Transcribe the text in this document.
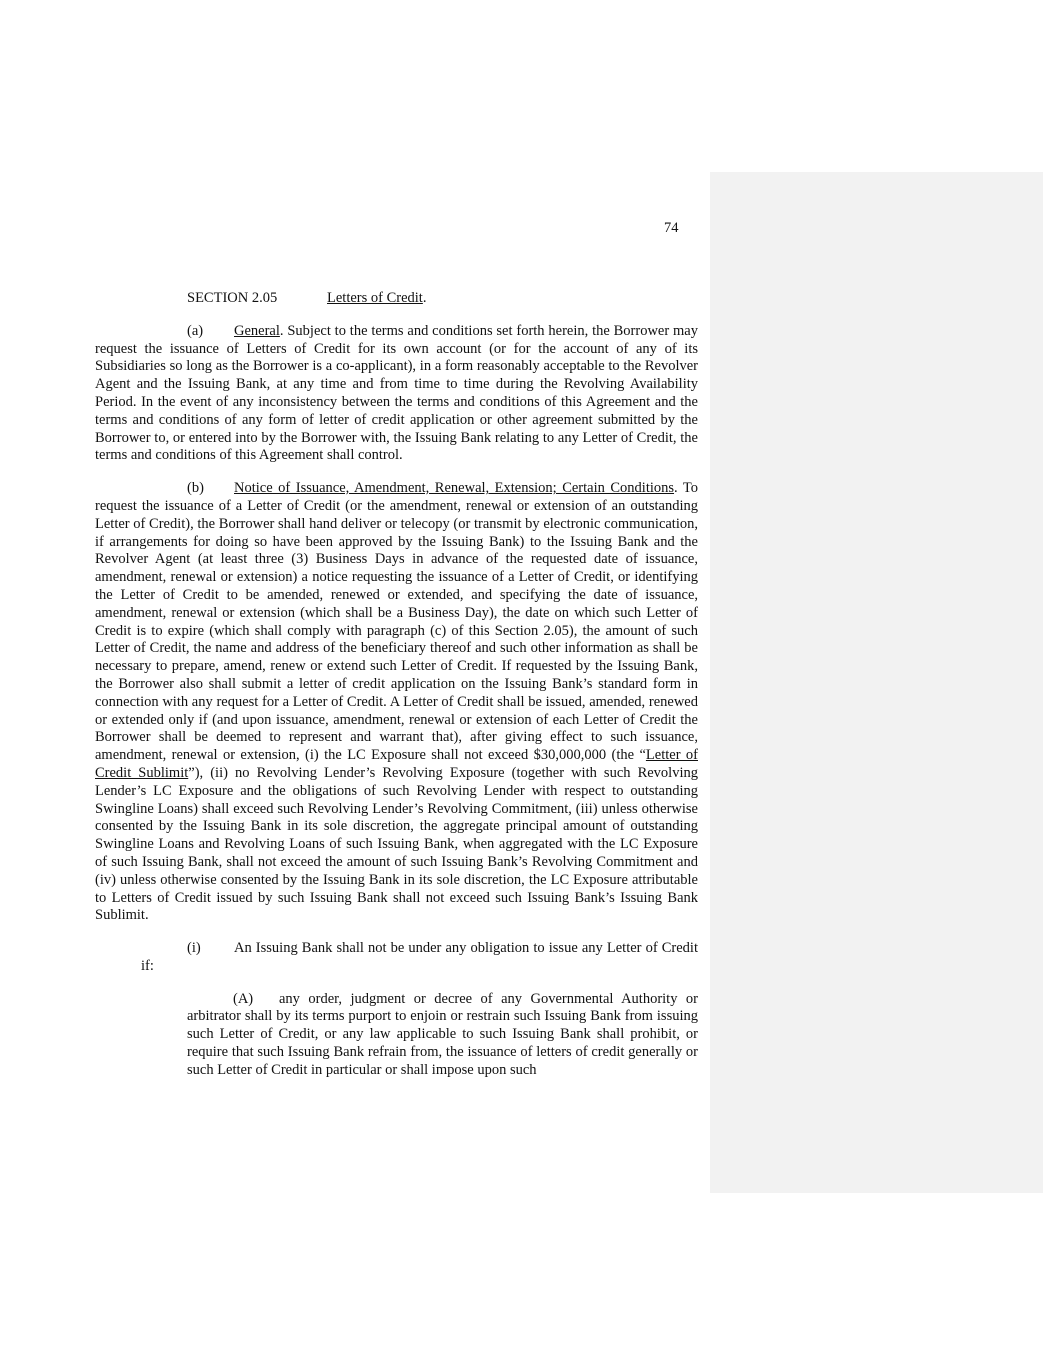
74

SECTION 2.05	Letters of Credit.

(a) General. Subject to the terms and conditions set forth herein, the Borrower may request the issuance of Letters of Credit for its own account (or for the account of any of its Subsidiaries so long as the Borrower is a co-applicant), in a form reasonably acceptable to the Revolver Agent and the Issuing Bank, at any time and from time to time during the Revolving Availability Period. In the event of any inconsistency between the terms and conditions of this Agreement and the terms and conditions of any form of letter of credit application or other agreement submitted by the Borrower to, or entered into by the Borrower with, the Issuing Bank relating to any Letter of Credit, the terms and conditions of this Agreement shall control.

(b) Notice of Issuance, Amendment, Renewal, Extension; Certain Conditions. To request the issuance of a Letter of Credit (or the amendment, renewal or extension of an outstanding Letter of Credit), the Borrower shall hand deliver or telecopy (or transmit by electronic communication, if arrangements for doing so have been approved by the Issuing Bank) to the Issuing Bank and the Revolver Agent (at least three (3) Business Days in advance of the requested date of issuance, amendment, renewal or extension) a notice requesting the issuance of a Letter of Credit, or identifying the Letter of Credit to be amended, renewed or extended, and specifying the date of issuance, amendment, renewal or extension (which shall be a Business Day), the date on which such Letter of Credit is to expire (which shall comply with paragraph (c) of this Section 2.05), the amount of such Letter of Credit, the name and address of the beneficiary thereof and such other information as shall be necessary to prepare, amend, renew or extend such Letter of Credit. If requested by the Issuing Bank, the Borrower also shall submit a letter of credit application on the Issuing Bank’s standard form in connection with any request for a Letter of Credit. A Letter of Credit shall be issued, amended, renewed or extended only if (and upon issuance, amendment, renewal or extension of each Letter of Credit the Borrower shall be deemed to represent and warrant that), after giving effect to such issuance, amendment, renewal or extension, (i) the LC Exposure shall not exceed $30,000,000 (the “Letter of Credit Sublimit”), (ii) no Revolving Lender’s Revolving Exposure (together with such Revolving Lender’s LC Exposure and the obligations of such Revolving Lender with respect to outstanding Swingline Loans) shall exceed such Revolving Lender’s Revolving Commitment, (iii) unless otherwise consented by the Issuing Bank in its sole discretion, the aggregate principal amount of outstanding Swingline Loans and Revolving Loans of such Issuing Bank, when aggregated with the LC Exposure of such Issuing Bank, shall not exceed the amount of such Issuing Bank’s Revolving Commitment and (iv) unless otherwise consented by the Issuing Bank in its sole discretion, the LC Exposure attributable to Letters of Credit issued by such Issuing Bank shall not exceed such Issuing Bank’s Issuing Bank Sublimit.

(i) An Issuing Bank shall not be under any obligation to issue any Letter of Credit if:

(A) any order, judgment or decree of any Governmental Authority or arbitrator shall by its terms purport to enjoin or restrain such Issuing Bank from issuing such Letter of Credit, or any law applicable to such Issuing Bank shall prohibit, or require that such Issuing Bank refrain from, the issuance of letters of credit generally or such Letter of Credit in particular or shall impose upon such
